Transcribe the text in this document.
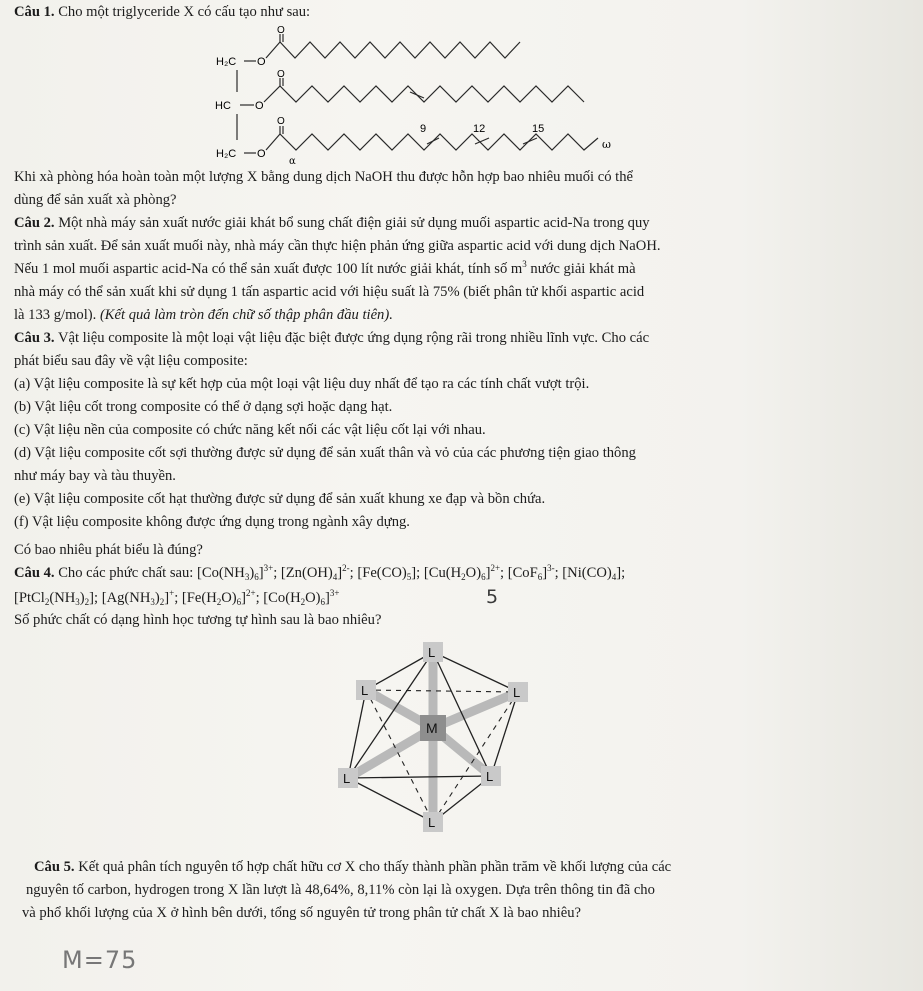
Câu 1. Cho một triglyceride X có cấu tạo như sau:
H₂C
HC
H₂C
O
O
O
O
O
O
9	12	15
ω
α
Khi xà phòng hóa hoàn toàn một lượng X bằng dung dịch NaOH thu được hỗn hợp bao nhiêu muối có thể
dùng để sản xuất xà phòng?
Câu 2. Một nhà máy sản xuất nước giải khát bổ sung chất điện giải sử dụng muối aspartic acid-Na trong quy
trình sản xuất. Để sản xuất muối này, nhà máy cần thực hiện phản ứng giữa aspartic acid với dung dịch NaOH.
Nếu 1 mol muối aspartic acid-Na có thể sản xuất được 100 lít nước giải khát, tính số $m^3$ nước giải khát mà
nhà máy có thể sản xuất khi sử dụng 1 tấn aspartic acid với hiệu suất là 75% (biết phân tử khối aspartic acid
là 133 g/mol). (Kết quả làm tròn đến chữ số thập phân đầu tiên).
Câu 3. Vật liệu composite là một loại vật liệu đặc biệt được ứng dụng rộng rãi trong nhiều lĩnh vực. Cho các
phát biểu sau đây về vật liệu composite:
(a) Vật liệu composite là sự kết hợp của một loại vật liệu duy nhất để tạo ra các tính chất vượt trội.
(b) Vật liệu cốt trong composite có thể ở dạng sợi hoặc dạng hạt.
(c) Vật liệu nền của composite có chức năng kết nối các vật liệu cốt lại với nhau.
(d) Vật liệu composite cốt sợi thường được sử dụng để sản xuất thân và vỏ của các phương tiện giao thông
như máy bay và tàu thuyền.
(e) Vật liệu composite cốt hạt thường được sử dụng để sản xuất khung xe đạp và bồn chứa.
(f) Vật liệu composite không được ứng dụng trong ngành xây dựng.
Có bao nhiêu phát biểu là đúng?
Câu 4. Cho các phức chất sau: $[Co(NH_3)_6]^{3+}$; $[Zn(OH)_4]^{2-}$; $[Fe(CO)_5]$; $[Cu(H_2O)_6]^{2+}$; $[CoF_6]^{3-}$; $[Ni(CO)_4]$;
$[PtCl_2(NH_3)_2]$; $[Ag(NH_3)_2]^+$; $[Fe(H_2O)_6]^{2+}$; $[Co(H_2O)_6]^{3+}$	5
Số phức chất có dạng hình học tương tự hình sau là bao nhiêu?
L
L	L
M
L	L
L
Câu 5. Kết quả phân tích nguyên tố hợp chất hữu cơ X cho thấy thành phần phần trăm về khối lượng của các
nguyên tố carbon, hydrogen trong X lần lượt là 48,64%, 8,11% còn lại là oxygen. Dựa trên thông tin đã cho
và phổ khối lượng của X ở hình bên dưới, tổng số nguyên tử trong phân tử chất X là bao nhiêu?
M=75
